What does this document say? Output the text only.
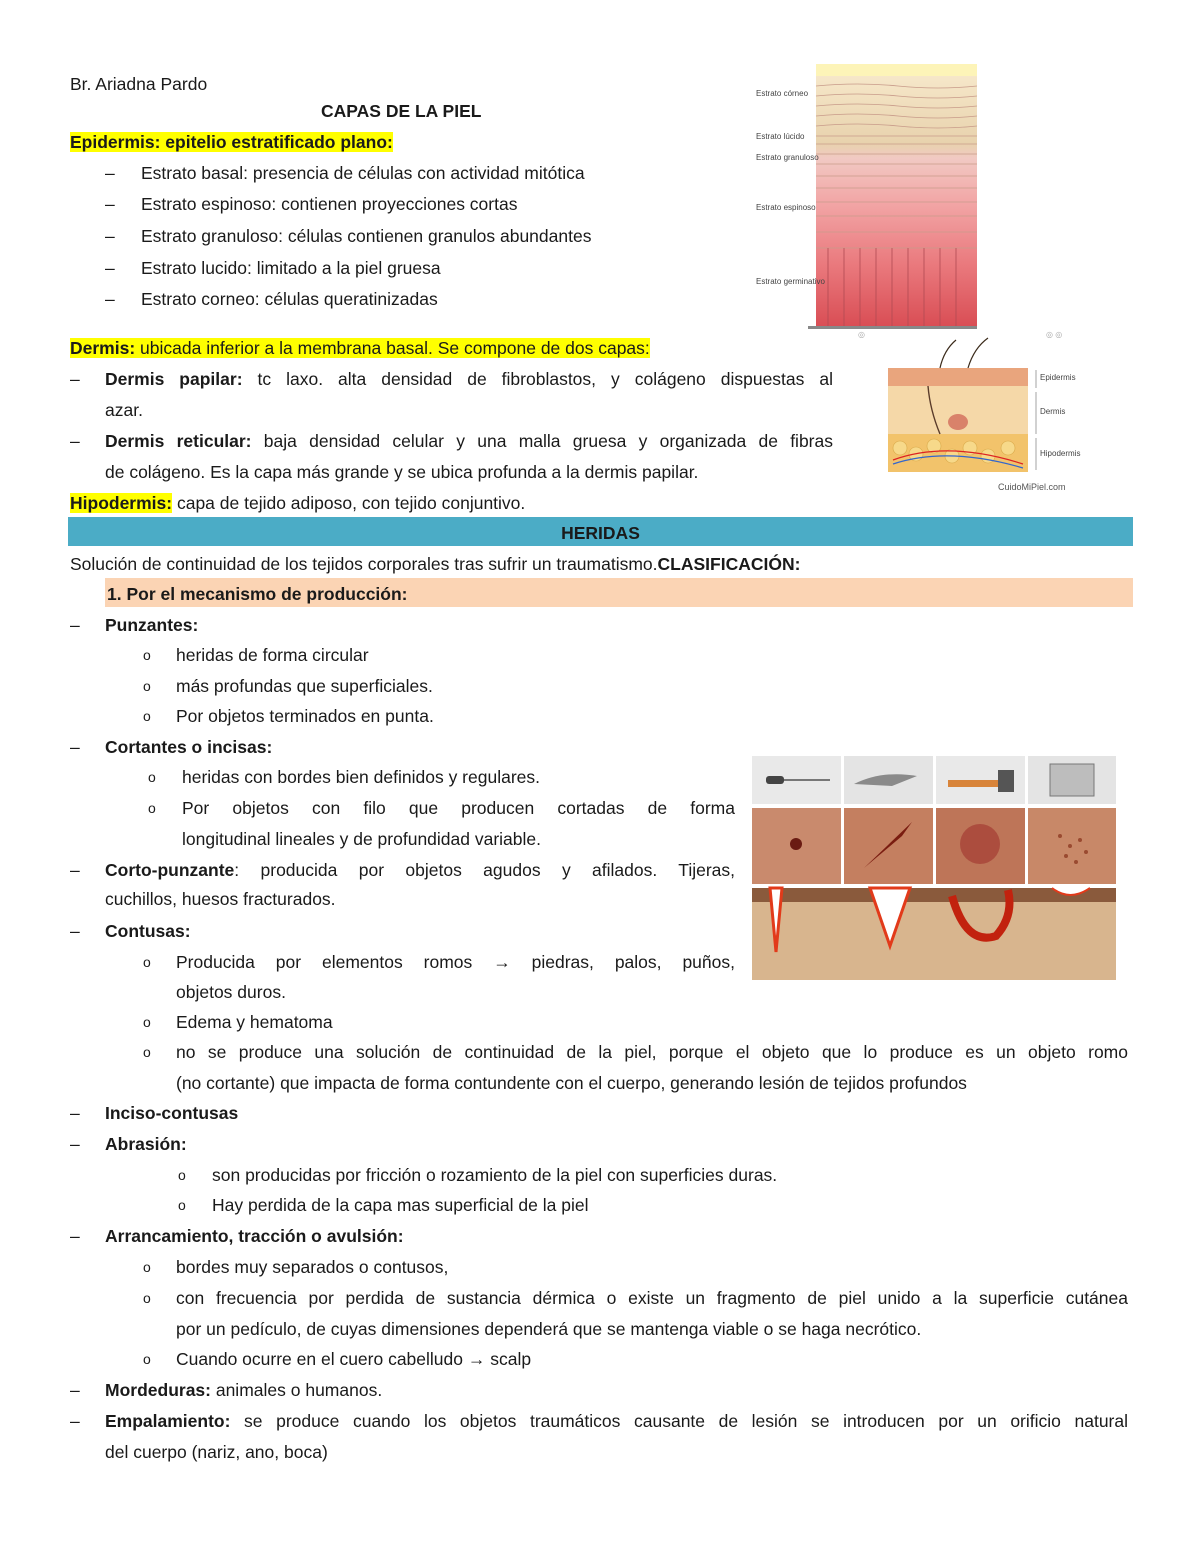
Br. Ariadna Pardo
CAPAS DE LA PIEL
Epidermis: epitelio estratificado plano:
– Estrato basal: presencia de células con actividad mitótica
– Estrato espinoso: contienen proyecciones cortas
– Estrato granuloso: células contienen granulos abundantes
– Estrato lucido: limitado a la piel gruesa
– Estrato corneo: células queratinizadas
Estrato córneo
Estrato lúcido
Estrato granuloso
Estrato espinoso
Estrato germinativo
Dermis: ubicada inferior a la membrana basal. Se compone de dos capas:
– Dermis papilar: tc laxo. alta densidad de fibroblastos, y colágeno dispuestas al
azar.
– Dermis reticular: baja densidad celular y una malla gruesa y organizada de fibras
de colágeno. Es la capa más grande y se ubica profunda a la dermis papilar.
◎	◎ ◎
Epidermis
Dermis
Hipodermis
CuidoMiPiel.com
Hipodermis: capa de tejido adiposo, con tejido conjuntivo.
HERIDAS
Solución de continuidad de los tejidos corporales tras sufrir un traumatismo.CLASIFICACIÓN:
1. Por el mecanismo de producción:
– Punzantes:
o heridas de forma circular
o más profundas que superficiales.
o Por objetos terminados en punta.
– Cortantes o incisas:
o heridas con bordes bien definidos y regulares.
o Por objetos con filo que producen cortadas de forma
longitudinal lineales y de profundidad variable.
– Corto-punzante: producida por objetos agudos y afilados. Tijeras,
cuchillos, huesos fracturados.
– Contusas:
o Producida por elementos romos → piedras, palos, puños,
objetos duros.
o Edema y hematoma
o no se produce una solución de continuidad de la piel, porque el objeto que lo produce es un objeto romo
(no cortante) que impacta de forma contundente con el cuerpo, generando lesión de tejidos profundos
– Inciso-contusas
– Abrasión:
o son producidas por fricción o rozamiento de la piel con superficies duras.
o Hay perdida de la capa mas superficial de la piel
– Arrancamiento, tracción o avulsión:
o bordes muy separados o contusos,
o con frecuencia por perdida de sustancia dérmica o existe un fragmento de piel unido a la superficie cutánea
por un pedículo, de cuyas dimensiones dependerá que se mantenga viable o se haga necrótico.
o Cuando ocurre en el cuero cabelludo → scalp
– Mordeduras: animales o humanos.
– Empalamiento: se produce cuando los objetos traumáticos causante de lesión se introducen por un orificio natural
del cuerpo (nariz, ano, boca)
